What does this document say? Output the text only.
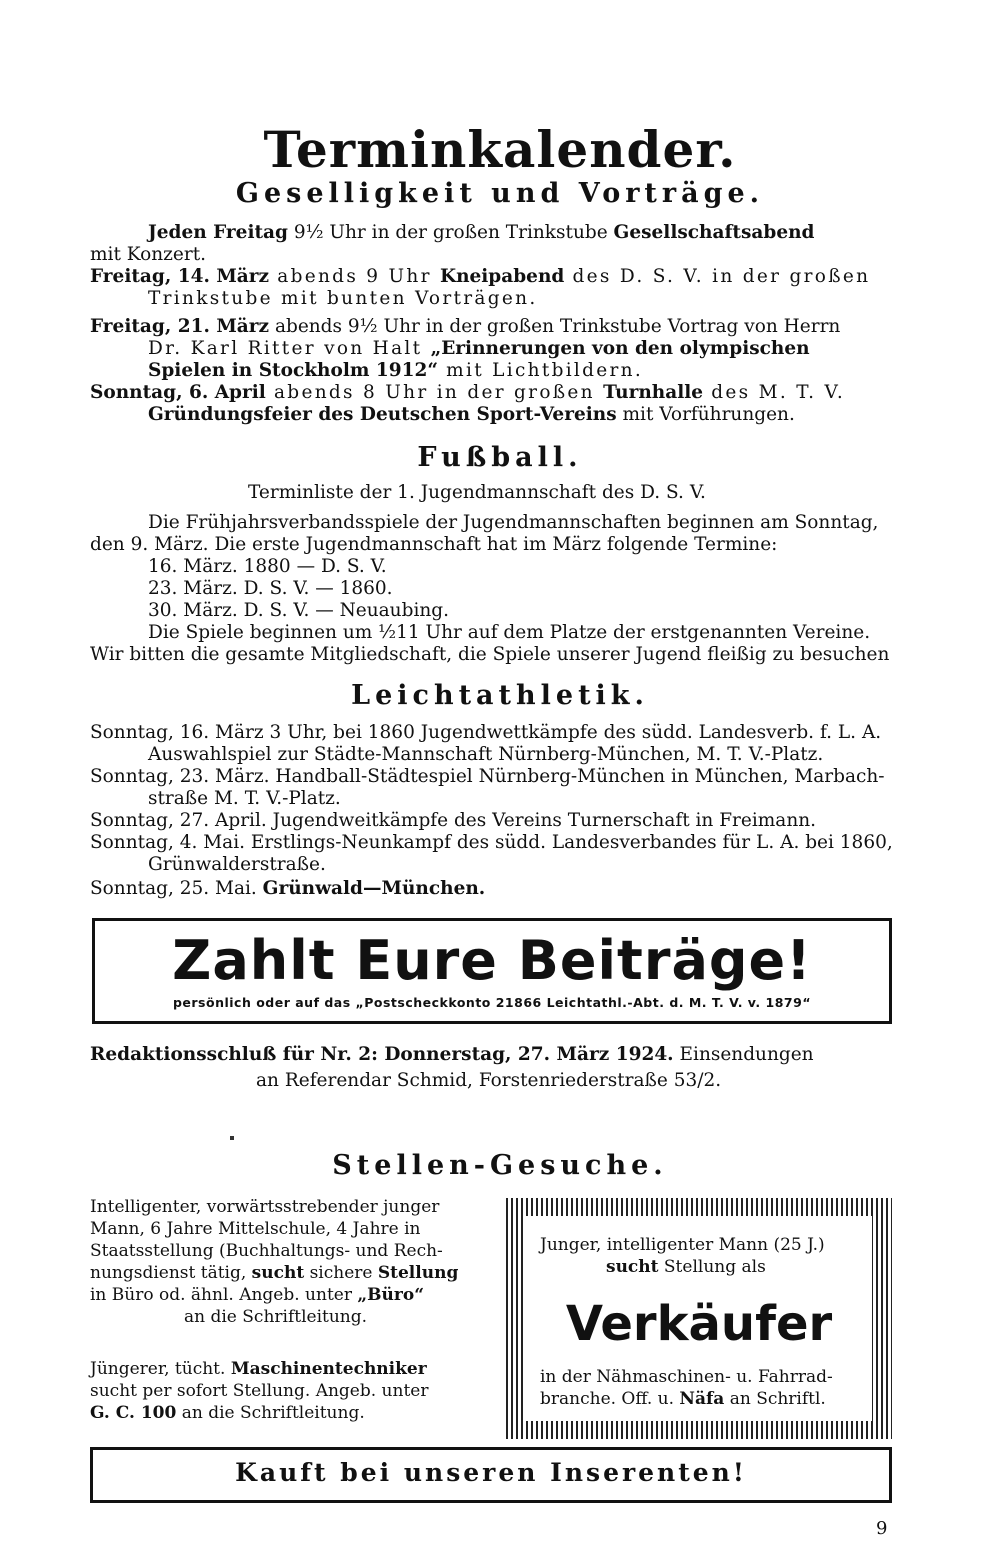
Terminkalender.
Geselligkeit und Vorträge.
Jeden Freitag 9½ Uhr in der großen Trinkstube Gesellschaftsabend
mit Konzert.
Freitag, 14. März abends 9 Uhr Kneipabend des D. S. V. in der großen
Trinkstube mit bunten Vorträgen.
Freitag, 21. März abends 9½ Uhr in der großen Trinkstube Vortrag von Herrn
Dr. Karl Ritter von Halt „Erinnerungen von den olympischen
Spielen in Stockholm 1912“ mit Lichtbildern.
Sonntag, 6. April abends 8 Uhr in der großen Turnhalle des M. T. V.
Gründungsfeier des Deutschen Sport-Vereins mit Vorführungen.
Fußball.
Terminliste der 1. Jugendmannschaft des D. S. V.
Die Frühjahrsverbandsspiele der Jugendmannschaften beginnen am Sonntag,
den 9. März. Die erste Jugendmannschaft hat im März folgende Termine:
16. März. 1880 — D. S. V.
23. März. D. S. V. — 1860.
30. März. D. S. V. — Neuaubing.
Die Spiele beginnen um ½11 Uhr auf dem Platze der erstgenannten Vereine.
Wir bitten die gesamte Mitgliedschaft, die Spiele unserer Jugend fleißig zu besuchen
Leichtathletik.
Sonntag, 16. März 3 Uhr, bei 1860 Jugendwettkämpfe des südd. Landesverb. f. L. A.
Auswahlspiel zur Städte-Mannschaft Nürnberg-München, M. T. V.-Platz.
Sonntag, 23. März. Handball-Städtespiel Nürnberg-München in München, Marbach-
straße M. T. V.-Platz.
Sonntag, 27. April. Jugendweitkämpfe des Vereins Turnerschaft in Freimann.
Sonntag, 4. Mai. Erstlings-Neunkampf des südd. Landesverbandes für L. A. bei 1860,
Grünwalderstraße.
Sonntag, 25. Mai. Grünwald—München.
Zahlt Eure Beiträge!
persönlich oder auf das „Postscheckkonto 21866 Leichtathl.-Abt. d. M. T. V. v. 1879“
Redaktionsschluß für Nr. 2: Donnerstag, 27. März 1924. Einsendungen
an Referendar Schmid, Forstenriederstraße 53/2.
Stellen-Gesuche.
Intelligenter, vorwärtsstrebender junger
Mann, 6 Jahre Mittelschule, 4 Jahre in
Staatsstellung (Buchhaltungs- und Rech-
nungsdienst tätig, sucht sichere Stellung
in Büro od. ähnl. Angeb. unter „Büro“
an die Schriftleitung.
Jüngerer, tücht. Maschinentechniker
sucht per sofort Stellung. Angeb. unter
G. C. 100 an die Schriftleitung.
Junger, intelligenter Mann (25 J.)
sucht Stellung als
Verkäufer
in der Nähmaschinen- u. Fahrrad-
branche. Off. u. Näfa an Schriftl.
Kauft bei unseren Inserenten!
9
